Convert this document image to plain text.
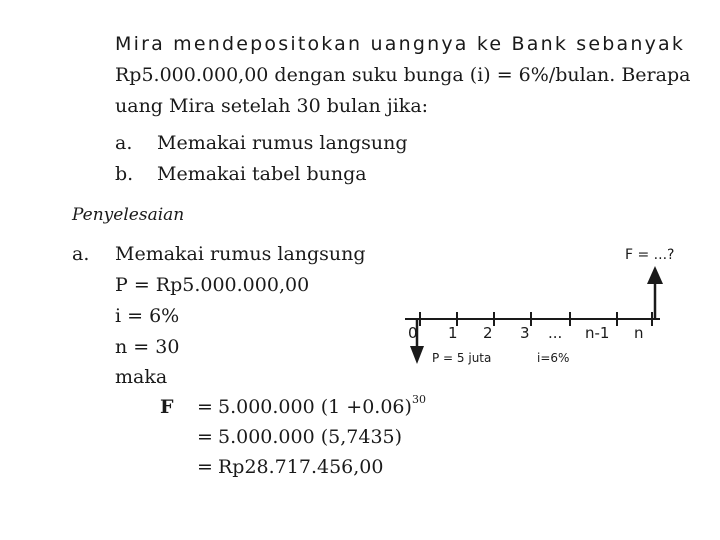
Mira mendepositokan uangnya ke Bank sebanyak
Rp5.000.000,00 dengan suku bunga (i) = 6%/bulan. Berapa
uang Mira setelah 30 bulan jika:
a. Memakai rumus langsung
b. Memakai tabel bunga
Penyelesaian
a. Memakai rumus langsung
P = Rp5.000.000,00
i = 6%
n = 30
maka
F = 5.000.000 (1 +0.06) 30
= 5.000.000 (5,7435)
= Rp28.717.456,00
0 1 2 3 ... n-1 n
F = ...?
P = 5 juta	i=6%
